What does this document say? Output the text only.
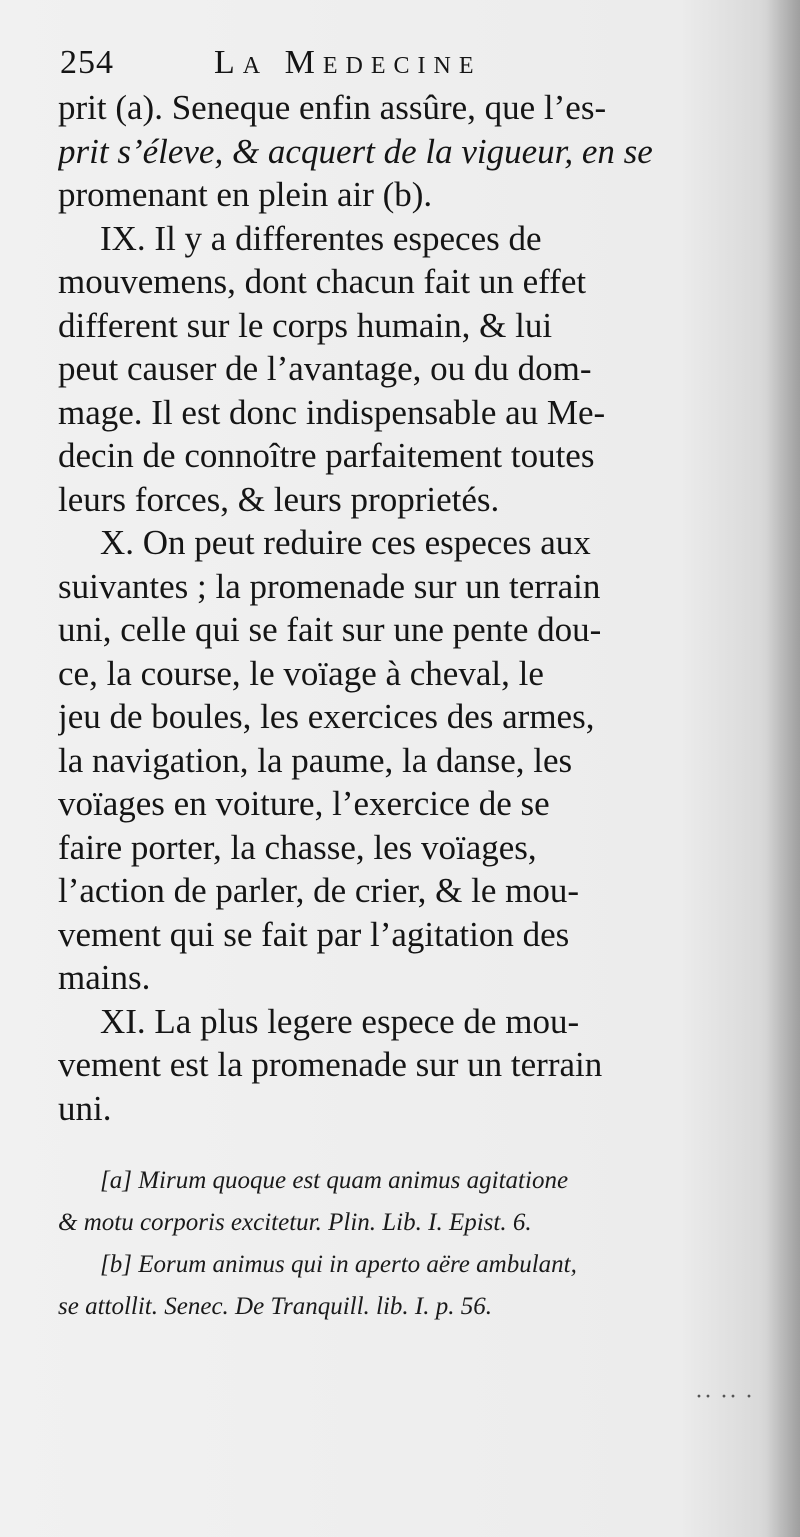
254	La Medecine
prit (a). Seneque enfin assûre, que l’es-
prit s’éleve, & acquert de la vigueur, en se
promenant en plein air (b).
IX. Il y a differentes especes de
mouvemens, dont chacun fait un effet
different sur le corps humain, & lui
peut causer de l’avantage, ou du dom-
mage. Il est donc indispensable au Me-
decin de connoître parfaitement toutes
leurs forces, & leurs proprietés.
X. On peut reduire ces especes aux
suivantes ; la promenade sur un terrain
uni, celle qui se fait sur une pente dou-
ce, la course, le voïage à cheval, le
jeu de boules, les exercices des armes,
la navigation, la paume, la danse, les
voïages en voiture, l’exercice de se
faire porter, la chasse, les voïages,
l’action de parler, de crier, & le mou-
vement qui se fait par l’agitation des
mains.
XI. La plus legere espece de mou-
vement est la promenade sur un terrain
uni.
[a] Mirum quoque est quam animus agitatione
& motu corporis excitetur. Plin. Lib. I. Epist. 6.
[b] Eorum animus qui in aperto aëre ambulant,
se attollit. Senec. De Tranquill. lib. I. p. 56.
·· ·· ·
